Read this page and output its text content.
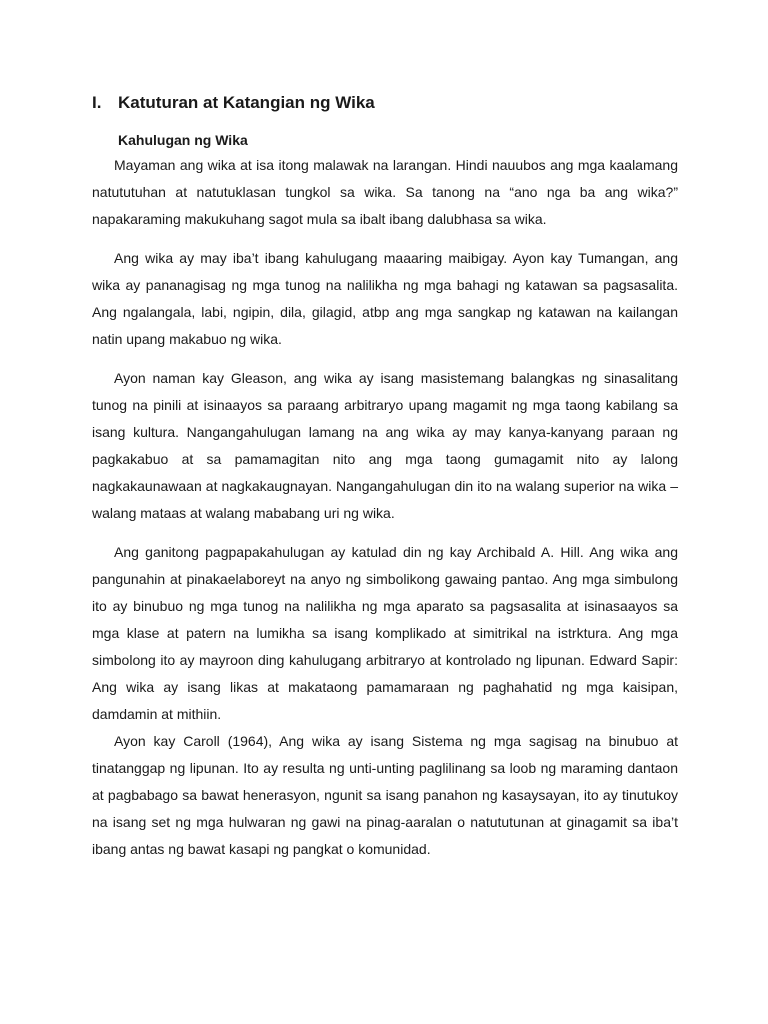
I. Katuturan at Katangian ng Wika
Kahulugan ng Wika

Mayaman ang wika at isa itong malawak na larangan. Hindi nauubos ang mga kaalamang natututuhan at natutuklasan tungkol sa wika. Sa tanong na “ano nga ba ang wika?” napakaraming makukuhang sagot mula sa ibalt ibang dalubhasa sa wika.

Ang wika ay may iba’t ibang kahulugang maaaring maibigay. Ayon kay Tumangan, ang wika ay pananagisag ng mga tunog na nalilikha ng mga bahagi ng katawan sa pagsasalita. Ang ngalangala, labi, ngipin, dila, gilagid, atbp ang mga sangkap ng katawan na kailangan natin upang makabuo ng wika.

Ayon naman kay Gleason, ang wika ay isang masistemang balangkas ng sinasalitang tunog na pinili at isinaayos sa paraang arbitraryo upang magamit ng mga taong kabilang sa isang kultura. Nangangahulugan lamang na ang wika ay may kanya-kanyang paraan ng pagkakabuo at sa pamamagitan nito ang mga taong gumagamit nito ay lalong nagkakaunawaan at nagkakaugnayan. Nangangahulugan din ito na walang superior na wika – walang mataas at walang mababang uri ng wika.

Ang ganitong pagpapakahulugan ay katulad din ng kay Archibald A. Hill. Ang wika ang pangunahin at pinakaelaboreyt na anyo ng simbolikong gawaing pantao. Ang mga simbulong ito ay binubuo ng mga tunog na nalilikha ng mga aparato sa pagsasalita at isinasaayos sa mga klase at patern na lumikha sa isang komplikado at simitrikal na istrktura. Ang mga simbolong ito ay mayroon ding kahulugang arbitraryo at kontrolado ng lipunan. Edward Sapir: Ang wika ay isang likas at makataong pamamaraan ng paghahatid ng mga kaisipan, damdamin at mithiin.

Ayon kay Caroll (1964), Ang wika ay isang Sistema ng mga sagisag na binubuo at tinatanggap ng lipunan. Ito ay resulta ng unti-unting paglilinang sa loob ng maraming dantaon at pagbabago sa bawat henerasyon, ngunit sa isang panahon ng kasaysayan, ito ay tinutukoy na isang set ng mga hulwaran ng gawi na pinag-aaralan o natututunan at ginagamit sa iba’t ibang antas ng bawat kasapi ng pangkat o komunidad.
